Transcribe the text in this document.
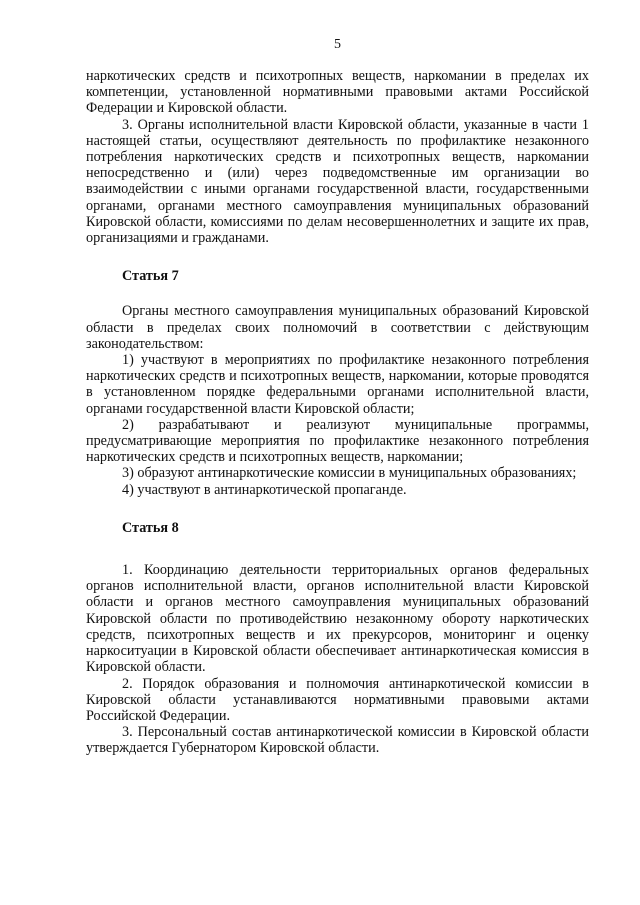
5

наркотических средств и психотропных веществ, наркомании в пределах их компетенции, установленной нормативными правовыми актами Российской Федерации и Кировской области.

3. Органы исполнительной власти Кировской области, указанные в части 1 настоящей статьи, осуществляют деятельность по профилактике незаконного потребления наркотических средств и психотропных веществ, наркомании непосредственно и (или) через подведомственные им организации во взаимодействии с иными органами государственной власти, государственными органами, органами местного самоуправления муниципальных образований Кировской области, комиссиями по делам несовершеннолетних и защите их прав, организациями и гражданами.

Статья 7

Органы местного самоуправления муниципальных образований Кировской области в пределах своих полномочий в соответствии с действующим законодательством:

1) участвуют в мероприятиях по профилактике незаконного потребления наркотических средств и психотропных веществ, наркомании, которые проводятся в установленном порядке федеральными органами исполнительной власти, органами государственной власти Кировской области;

2) разрабатывают и реализуют муниципальные программы, предусматривающие мероприятия по профилактике незаконного потребления наркотических средств и психотропных веществ, наркомании;

3) образуют антинаркотические комиссии в муниципальных образованиях;

4) участвуют в антинаркотической пропаганде.

Статья 8

1. Координацию деятельности территориальных органов федеральных органов исполнительной власти, органов исполнительной власти Кировской области и органов местного самоуправления муниципальных образований Кировской области по противодействию незаконному обороту наркотических средств, психотропных веществ и их прекурсоров, мониторинг и оценку наркоситуации в Кировской области обеспечивает антинаркотическая комиссия в Кировской области.

2. Порядок образования и полномочия антинаркотической комиссии в Кировской области устанавливаются нормативными правовыми актами Российской Федерации.

3. Персональный состав антинаркотической комиссии в Кировской области утверждается Губернатором Кировской области.
